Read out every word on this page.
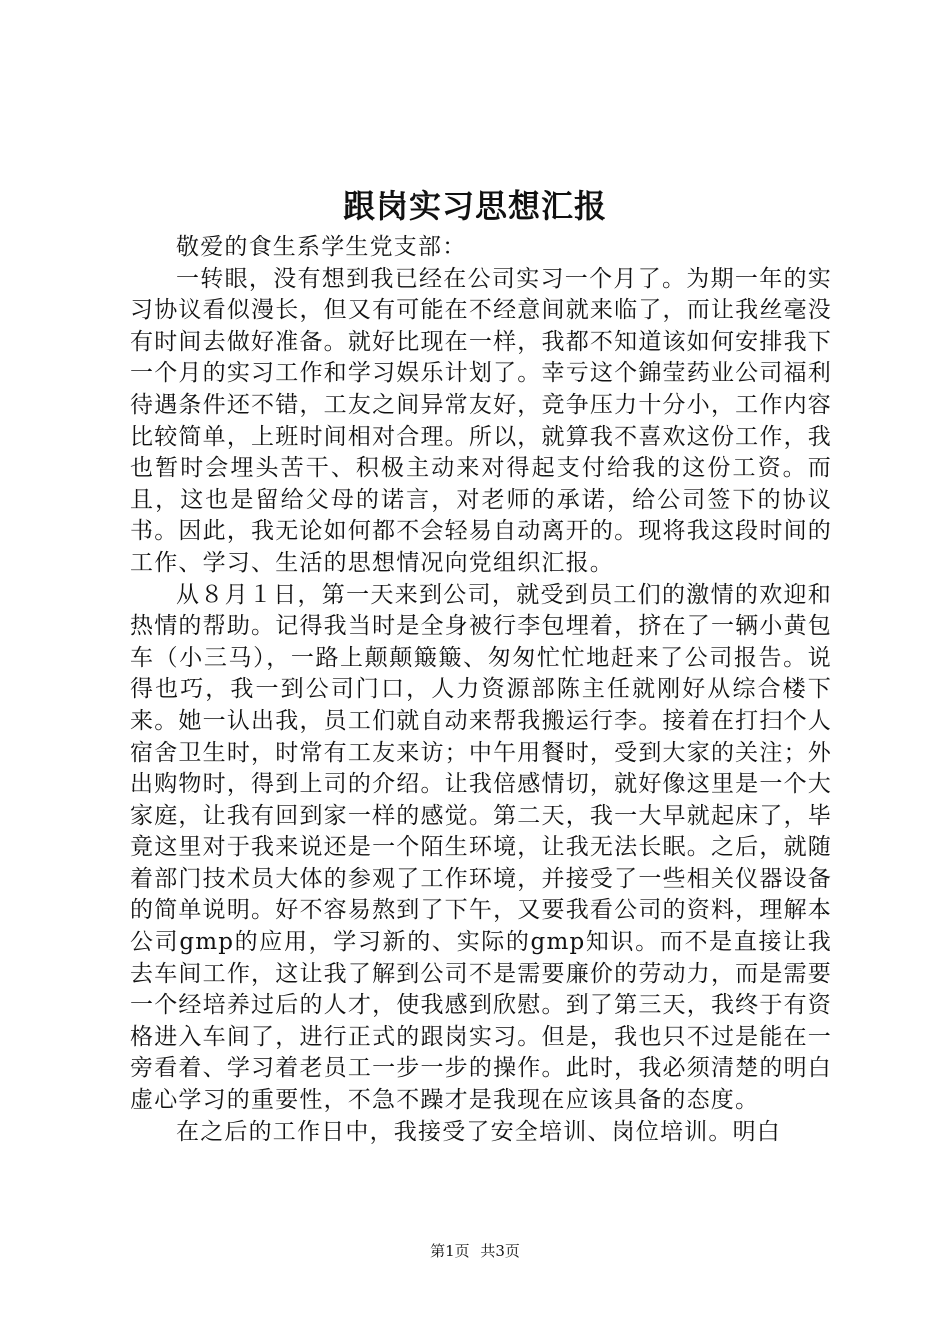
跟岗实习思想汇报

敬爱的食生系学生党支部：

一转眼，没有想到我已经在公司实习一个月了。为期一年的实习协议看似漫长，但又有可能在不经意间就来临了，而让我丝毫没有时间去做好准备。就好比现在一样，我都不知道该如何安排我下一个月的实习工作和学习娱乐计划了。幸亏这个錦莹药业公司福利待遇条件还不错，工友之间异常友好，竞争压力十分小，工作内容比较简单，上班时间相对合理。所以，就算我不喜欢这份工作，我也暂时会埋头苦干、积极主动来对得起支付给我的这份工资。而且，这也是留给父母的诺言，对老师的承诺，给公司签下的协议书。因此，我无论如何都不会轻易自动离开的。现将我这段时间的工作、学习、生活的思想情况向党组织汇报。

从８月１日，第一天来到公司，就受到员工们的激情的欢迎和热情的帮助。记得我当时是全身被行李包埋着，挤在了一辆小黄包车（小三马），一路上颠颠簸簸、匆匆忙忙地赶来了公司报告。说得也巧，我一到公司门口，人力资源部陈主任就刚好从综合楼下来。她一认出我，员工们就自动来帮我搬运行李。接着在打扫个人宿舍卫生时，时常有工友来访；中午用餐时，受到大家的关注；外出购物时，得到上司的介绍。让我倍感情切，就好像这里是一个大家庭，让我有回到家一样的感觉。第二天，我一大早就起床了，毕竟这里对于我来说还是一个陌生环境，让我无法长眠。之后，就随着部门技术员大体的参观了工作环境，并接受了一些相关仪器设备的简单说明。好不容易熬到了下午，又要我看公司的资料，理解本公司gmp的应用，学习新的、实际的gmp知识。而不是直接让我去车间工作，这让我了解到公司不是需要廉价的劳动力，而是需要一个经培养过后的人才，使我感到欣慰。到了第三天，我终于有资格进入车间了，进行正式的跟岗实习。但是，我也只不过是能在一旁看着、学习着老员工一步一步的操作。此时，我必须清楚的明白虚心学习的重要性，不急不躁才是我现在应该具备的态度。

在之后的工作日中，我接受了安全培训、岗位培训。明白

第1页 共3页
